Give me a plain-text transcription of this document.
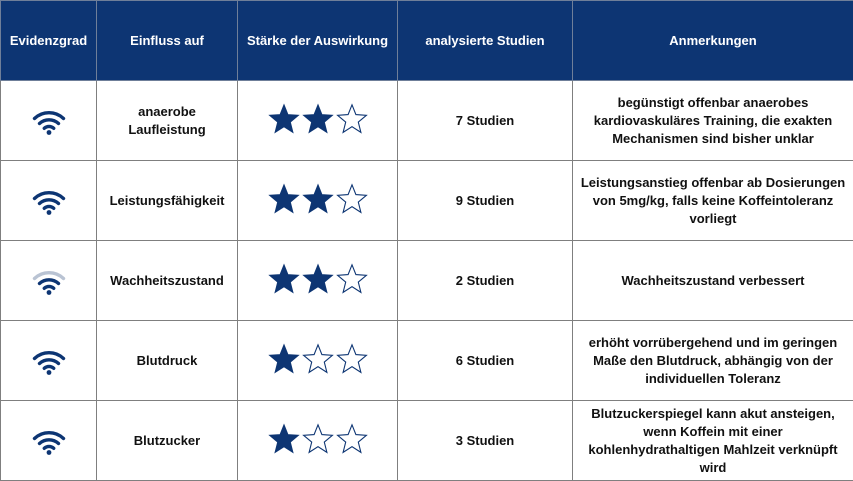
Evidenzgrad	Einfluss auf	Stärke der Auswirkung	analysierte Studien	Anmerkungen

	anaerobe Laufleistung		7 Studien	begünstigt offenbar anaerobes kardiovaskuläres Training, die exakten Mechanismen sind bisher unklar

	Leistungsfähigkeit		9 Studien	Leistungsanstieg offenbar ab Dosierungen von 5mg/kg, falls keine Koffeintoleranz vorliegt

	Wachheitszustand		2 Studien	Wachheitszustand verbessert

	Blutdruck		6 Studien	erhöht vorrübergehend und im geringen Maße den Blutdruck, abhängig von der individuellen Toleranz

	Blutzucker		3 Studien	Blutzuckerspiegel kann akut ansteigen, wenn Koffein mit einer kohlenhydrathaltigen Mahlzeit verknüpft wird
